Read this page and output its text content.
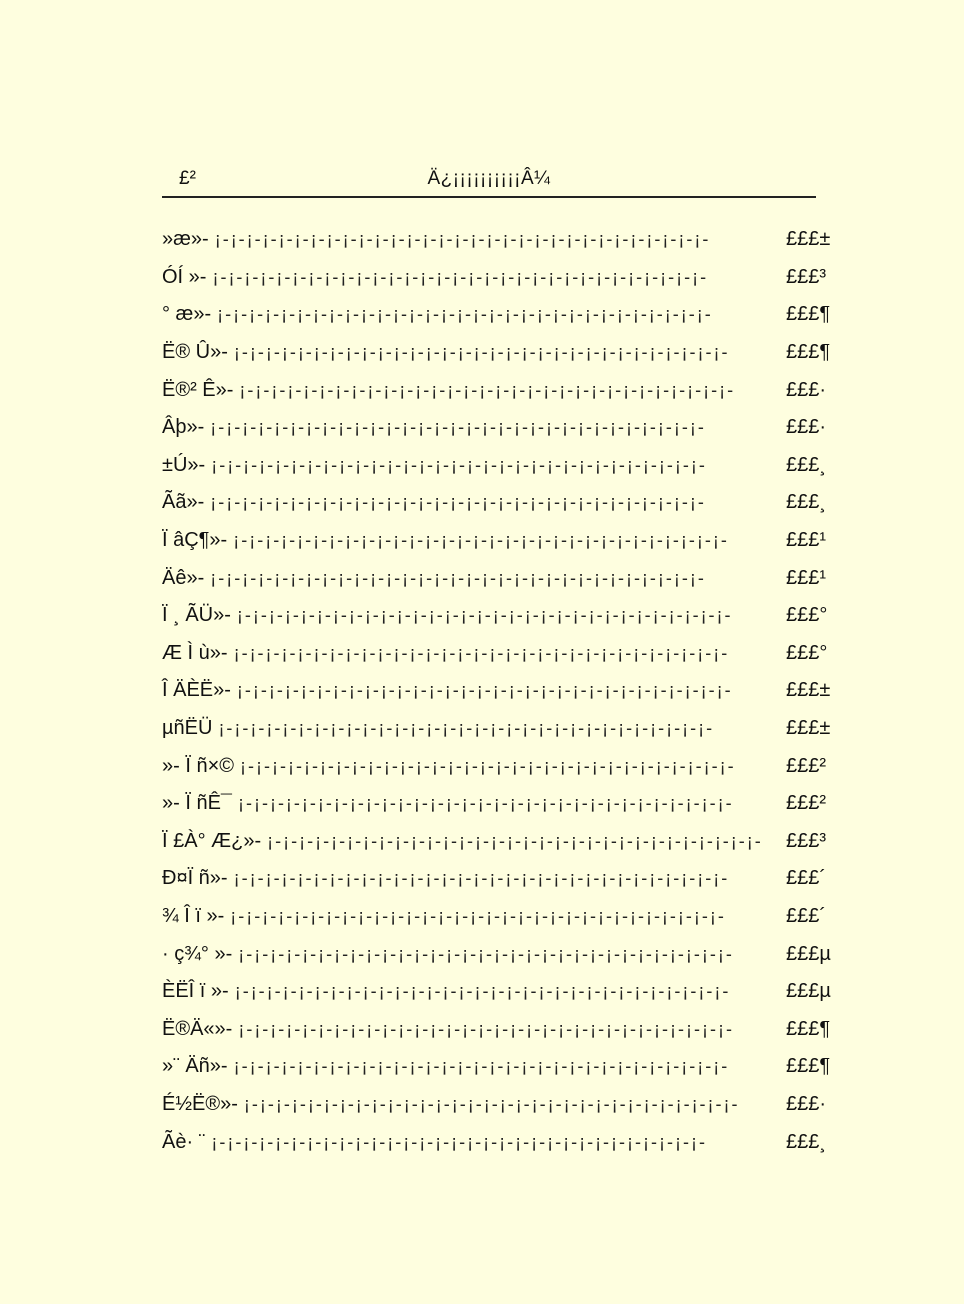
£²	Ä¿¡¡¡¡¡¡¡¡¡¡Â¼
»æ»- ¡-¡-¡-¡-¡-¡-¡-¡-¡-¡-¡-¡-¡-¡-¡-¡-¡-¡-¡-¡-¡-¡-¡-¡-¡-¡-¡-¡-¡-¡-¡-	£££±
ÓÍ »- ¡-¡-¡-¡-¡-¡-¡-¡-¡-¡-¡-¡-¡-¡-¡-¡-¡-¡-¡-¡-¡-¡-¡-¡-¡-¡-¡-¡-¡-¡-¡-	£££³
° æ»- ¡-¡-¡-¡-¡-¡-¡-¡-¡-¡-¡-¡-¡-¡-¡-¡-¡-¡-¡-¡-¡-¡-¡-¡-¡-¡-¡-¡-¡-¡-¡-	£££¶
Ë® Û»- ¡-¡-¡-¡-¡-¡-¡-¡-¡-¡-¡-¡-¡-¡-¡-¡-¡-¡-¡-¡-¡-¡-¡-¡-¡-¡-¡-¡-¡-¡-¡-	£££¶
Ë®² Ê»- ¡-¡-¡-¡-¡-¡-¡-¡-¡-¡-¡-¡-¡-¡-¡-¡-¡-¡-¡-¡-¡-¡-¡-¡-¡-¡-¡-¡-¡-¡-¡-	£££·
Âþ»- ¡-¡-¡-¡-¡-¡-¡-¡-¡-¡-¡-¡-¡-¡-¡-¡-¡-¡-¡-¡-¡-¡-¡-¡-¡-¡-¡-¡-¡-¡-¡-	£££·
±Ú»- ¡-¡-¡-¡-¡-¡-¡-¡-¡-¡-¡-¡-¡-¡-¡-¡-¡-¡-¡-¡-¡-¡-¡-¡-¡-¡-¡-¡-¡-¡-¡-	£££¸
Ãã»- ¡-¡-¡-¡-¡-¡-¡-¡-¡-¡-¡-¡-¡-¡-¡-¡-¡-¡-¡-¡-¡-¡-¡-¡-¡-¡-¡-¡-¡-¡-¡-	£££¸
Ï âÇ¶»- ¡-¡-¡-¡-¡-¡-¡-¡-¡-¡-¡-¡-¡-¡-¡-¡-¡-¡-¡-¡-¡-¡-¡-¡-¡-¡-¡-¡-¡-¡-¡-	£££¹
Äê»- ¡-¡-¡-¡-¡-¡-¡-¡-¡-¡-¡-¡-¡-¡-¡-¡-¡-¡-¡-¡-¡-¡-¡-¡-¡-¡-¡-¡-¡-¡-¡-	£££¹
Ï ¸ ÃÜ»- ¡-¡-¡-¡-¡-¡-¡-¡-¡-¡-¡-¡-¡-¡-¡-¡-¡-¡-¡-¡-¡-¡-¡-¡-¡-¡-¡-¡-¡-¡-¡-	£££°
Æ Ì ù»- ¡-¡-¡-¡-¡-¡-¡-¡-¡-¡-¡-¡-¡-¡-¡-¡-¡-¡-¡-¡-¡-¡-¡-¡-¡-¡-¡-¡-¡-¡-¡-	£££°
Î ÄÈË»- ¡-¡-¡-¡-¡-¡-¡-¡-¡-¡-¡-¡-¡-¡-¡-¡-¡-¡-¡-¡-¡-¡-¡-¡-¡-¡-¡-¡-¡-¡-¡-	£££±
µñËÜ ¡-¡-¡-¡-¡-¡-¡-¡-¡-¡-¡-¡-¡-¡-¡-¡-¡-¡-¡-¡-¡-¡-¡-¡-¡-¡-¡-¡-¡-¡-¡-	£££±
»- Ï ñ×© ¡-¡-¡-¡-¡-¡-¡-¡-¡-¡-¡-¡-¡-¡-¡-¡-¡-¡-¡-¡-¡-¡-¡-¡-¡-¡-¡-¡-¡-¡-¡-	£££²
»- Ï ñÊ¯ ¡-¡-¡-¡-¡-¡-¡-¡-¡-¡-¡-¡-¡-¡-¡-¡-¡-¡-¡-¡-¡-¡-¡-¡-¡-¡-¡-¡-¡-¡-¡-	£££²
Ï £À° Æ¿»- ¡-¡-¡-¡-¡-¡-¡-¡-¡-¡-¡-¡-¡-¡-¡-¡-¡-¡-¡-¡-¡-¡-¡-¡-¡-¡-¡-¡-¡-¡-¡-	£££³
Ð¤Ï ñ»- ¡-¡-¡-¡-¡-¡-¡-¡-¡-¡-¡-¡-¡-¡-¡-¡-¡-¡-¡-¡-¡-¡-¡-¡-¡-¡-¡-¡-¡-¡-¡-	£££´
¾ Î ï »- ¡-¡-¡-¡-¡-¡-¡-¡-¡-¡-¡-¡-¡-¡-¡-¡-¡-¡-¡-¡-¡-¡-¡-¡-¡-¡-¡-¡-¡-¡-¡-	£££´
· ç¾° »- ¡-¡-¡-¡-¡-¡-¡-¡-¡-¡-¡-¡-¡-¡-¡-¡-¡-¡-¡-¡-¡-¡-¡-¡-¡-¡-¡-¡-¡-¡-¡-	£££µ
ÈËÎ ï »- ¡-¡-¡-¡-¡-¡-¡-¡-¡-¡-¡-¡-¡-¡-¡-¡-¡-¡-¡-¡-¡-¡-¡-¡-¡-¡-¡-¡-¡-¡-¡-	£££µ
Ë®Ä«»- ¡-¡-¡-¡-¡-¡-¡-¡-¡-¡-¡-¡-¡-¡-¡-¡-¡-¡-¡-¡-¡-¡-¡-¡-¡-¡-¡-¡-¡-¡-¡-	£££¶
»¨ Äñ»- ¡-¡-¡-¡-¡-¡-¡-¡-¡-¡-¡-¡-¡-¡-¡-¡-¡-¡-¡-¡-¡-¡-¡-¡-¡-¡-¡-¡-¡-¡-¡-	£££¶
É½Ë®»- ¡-¡-¡-¡-¡-¡-¡-¡-¡-¡-¡-¡-¡-¡-¡-¡-¡-¡-¡-¡-¡-¡-¡-¡-¡-¡-¡-¡-¡-¡-¡-	£££·
Ãè· ¨ ¡-¡-¡-¡-¡-¡-¡-¡-¡-¡-¡-¡-¡-¡-¡-¡-¡-¡-¡-¡-¡-¡-¡-¡-¡-¡-¡-¡-¡-¡-¡-	£££¸
